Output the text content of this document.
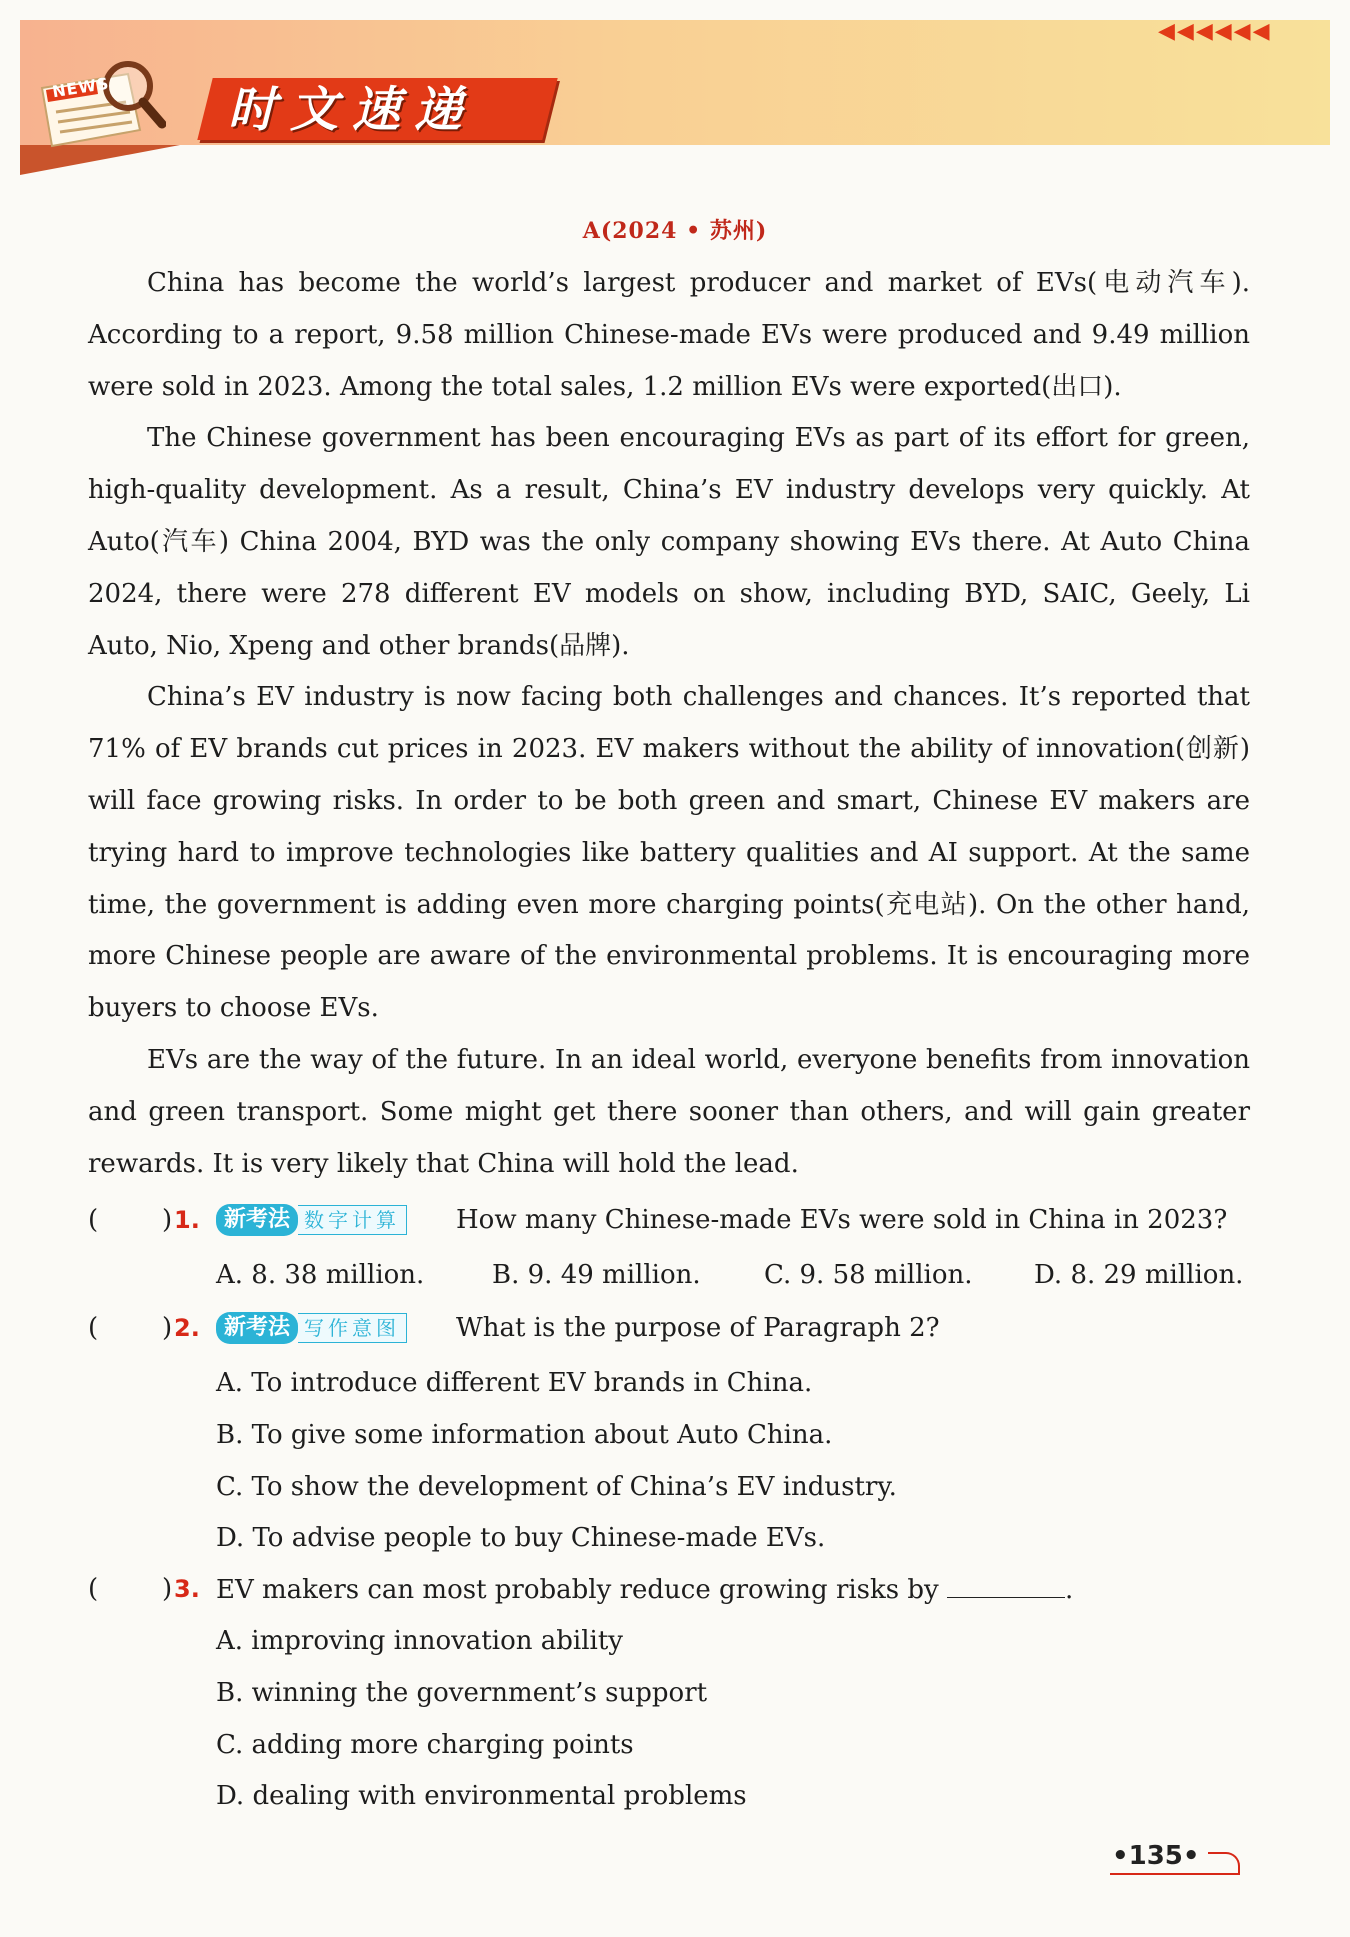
NEWS 时文速递
◀◀◀◀◀◀
A(2024 • 苏州)

China has become the world’s largest producer and market of EVs(电动汽车). According to a report, 9.58 million Chinese-made EVs were produced and 9.49 million were sold in 2023. Among the total sales, 1.2 million EVs were exported(出口).

The Chinese government has been encouraging EVs as part of its effort for green, high-quality development. As a result, China’s EV industry develops very quickly. At Auto(汽车) China 2004, BYD was the only company showing EVs there. At Auto China 2024, there were 278 different EV models on show, including BYD, SAIC, Geely, Li Auto, Nio, Xpeng and other brands(品牌).

China’s EV industry is now facing both challenges and chances. It’s reported that 71% of EV brands cut prices in 2023. EV makers without the ability of innovation(创新) will face growing risks. In order to be both green and smart, Chinese EV makers are trying hard to improve technologies like battery qualities and AI support. At the same time, the government is adding even more charging points(充电站). On the other hand, more Chinese people are aware of the environmental problems. It is encouraging more buyers to choose EVs.

EVs are the way of the future. In an ideal world, everyone benefits from innovation and green transport. Some might get there sooner than others, and will gain greater rewards. It is very likely that China will hold the lead.

( ) 1.	新考法 数字计算 How many Chinese-made EVs were sold in China in 2023?
A. 8. 38 million.	B. 9. 49 million. C. 9. 58 million. D. 8. 29 million.
( ) 2.	新考法 写作意图 What is the purpose of Paragraph 2?
A. To introduce different EV brands in China.
B. To give some information about Auto China.
C. To show the development of China’s EV industry.
D. To advise people to buy Chinese-made EVs.
( ) 3. EV makers can most probably reduce growing risks by	.
A. improving innovation ability
B. winning the government’s support
C. adding more charging points
D. dealing with environmental problems
•135•
